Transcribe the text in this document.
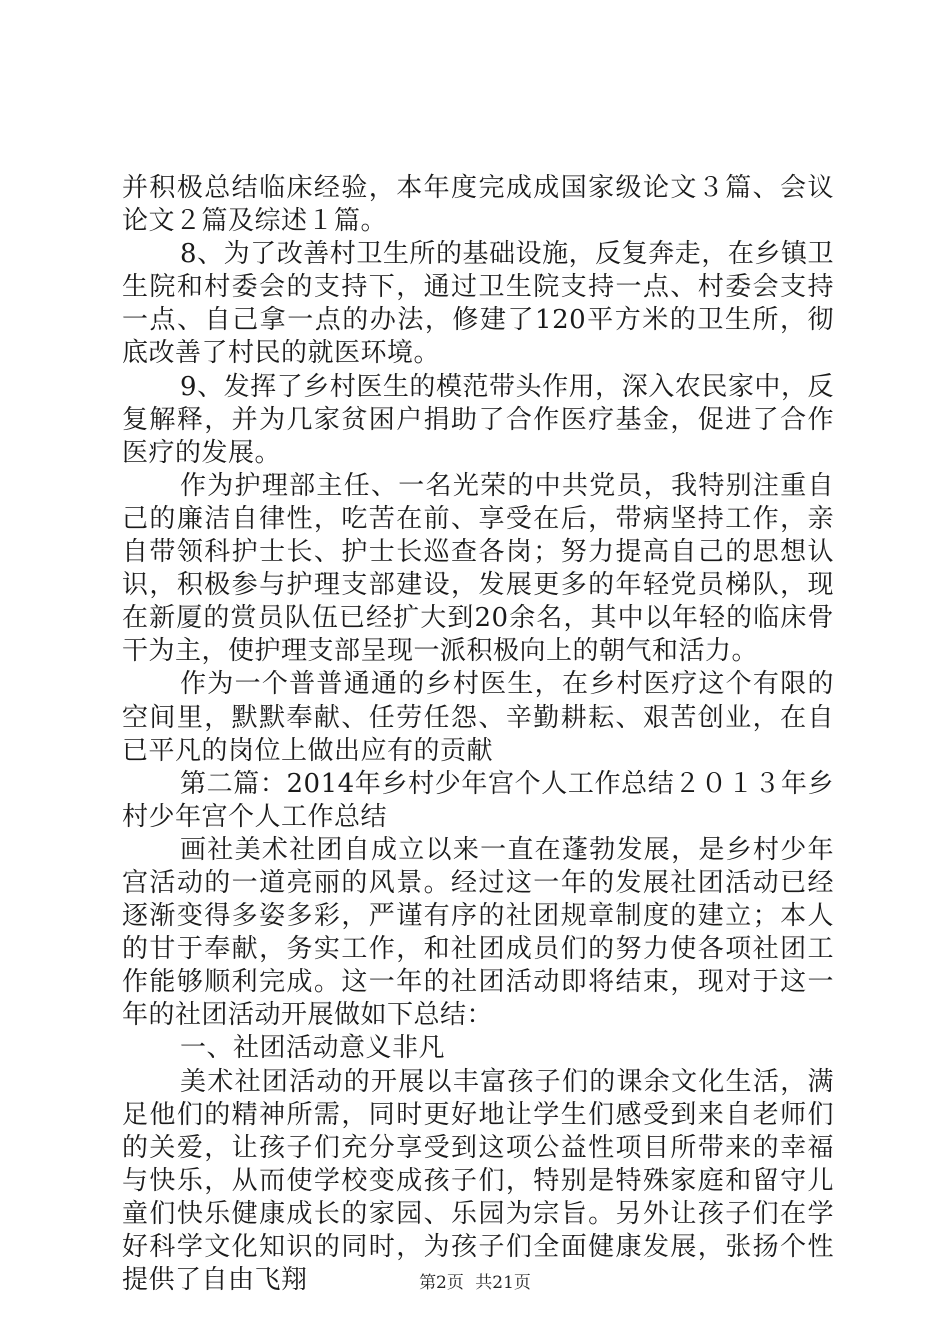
并积极总结临床经验，本年度完成成国家级论文３篇、会议论文２篇及综述１篇。

8、为了改善村卫生所的基础设施，反复奔走，在乡镇卫生院和村委会的支持下，通过卫生院支持一点、村委会支持一点、自己拿一点的办法，修建了120平方米的卫生所，彻底改善了村民的就医环境。

9、发挥了乡村医生的模范带头作用，深入农民家中，反复解释，并为几家贫困户捐助了合作医疗基金，促进了合作医疗的发展。

作为护理部主任、一名光荣的中共党员，我特别注重自己的廉洁自律性，吃苦在前、享受在后，带病坚持工作，亲自带领科护士长、护士长巡查各岗；努力提高自己的思想认识，积极参与护理支部建设，发展更多的年轻党员梯队，现在新厦的赏员队伍已经扩大到20余名，其中以年轻的临床骨干为主，使护理支部呈现一派积极向上的朝气和活力。

作为一个普普通通的乡村医生，在乡村医疗这个有限的空间里，默默奉献、任劳任怨、辛勤耕耘、艰苦创业，在自已平凡的岗位上做出应有的贡献

第二篇：2014年乡村少年宫个人工作总结２０１３年乡村少年宫个人工作总结

画社美术社团自成立以来一直在蓬勃发展，是乡村少年宫活动的一道亮丽的风景。经过这一年的发展社团活动已经逐渐变得多姿多彩，严谨有序的社团规章制度的建立；本人的甘于奉献，务实工作，和社团成员们的努力使各项社团工作能够顺利完成。这一年的社团活动即将结束，现对于这一年的社团活动开展做如下总结：

一、社团活动意义非凡

美术社团活动的开展以丰富孩子们的课余文化生活，满足他们的精神所需，同时更好地让学生们感受到来自老师们的关爱，让孩子们充分享受到这项公益性项目所带来的幸福与快乐，从而使学校变成孩子们，特别是特殊家庭和留守儿童们快乐健康成长的家园、乐园为宗旨。另外让孩子们在学好科学文化知识的同时，为孩子们全面健康发展，张扬个性提供了自由飞翔	第2页 共21页
